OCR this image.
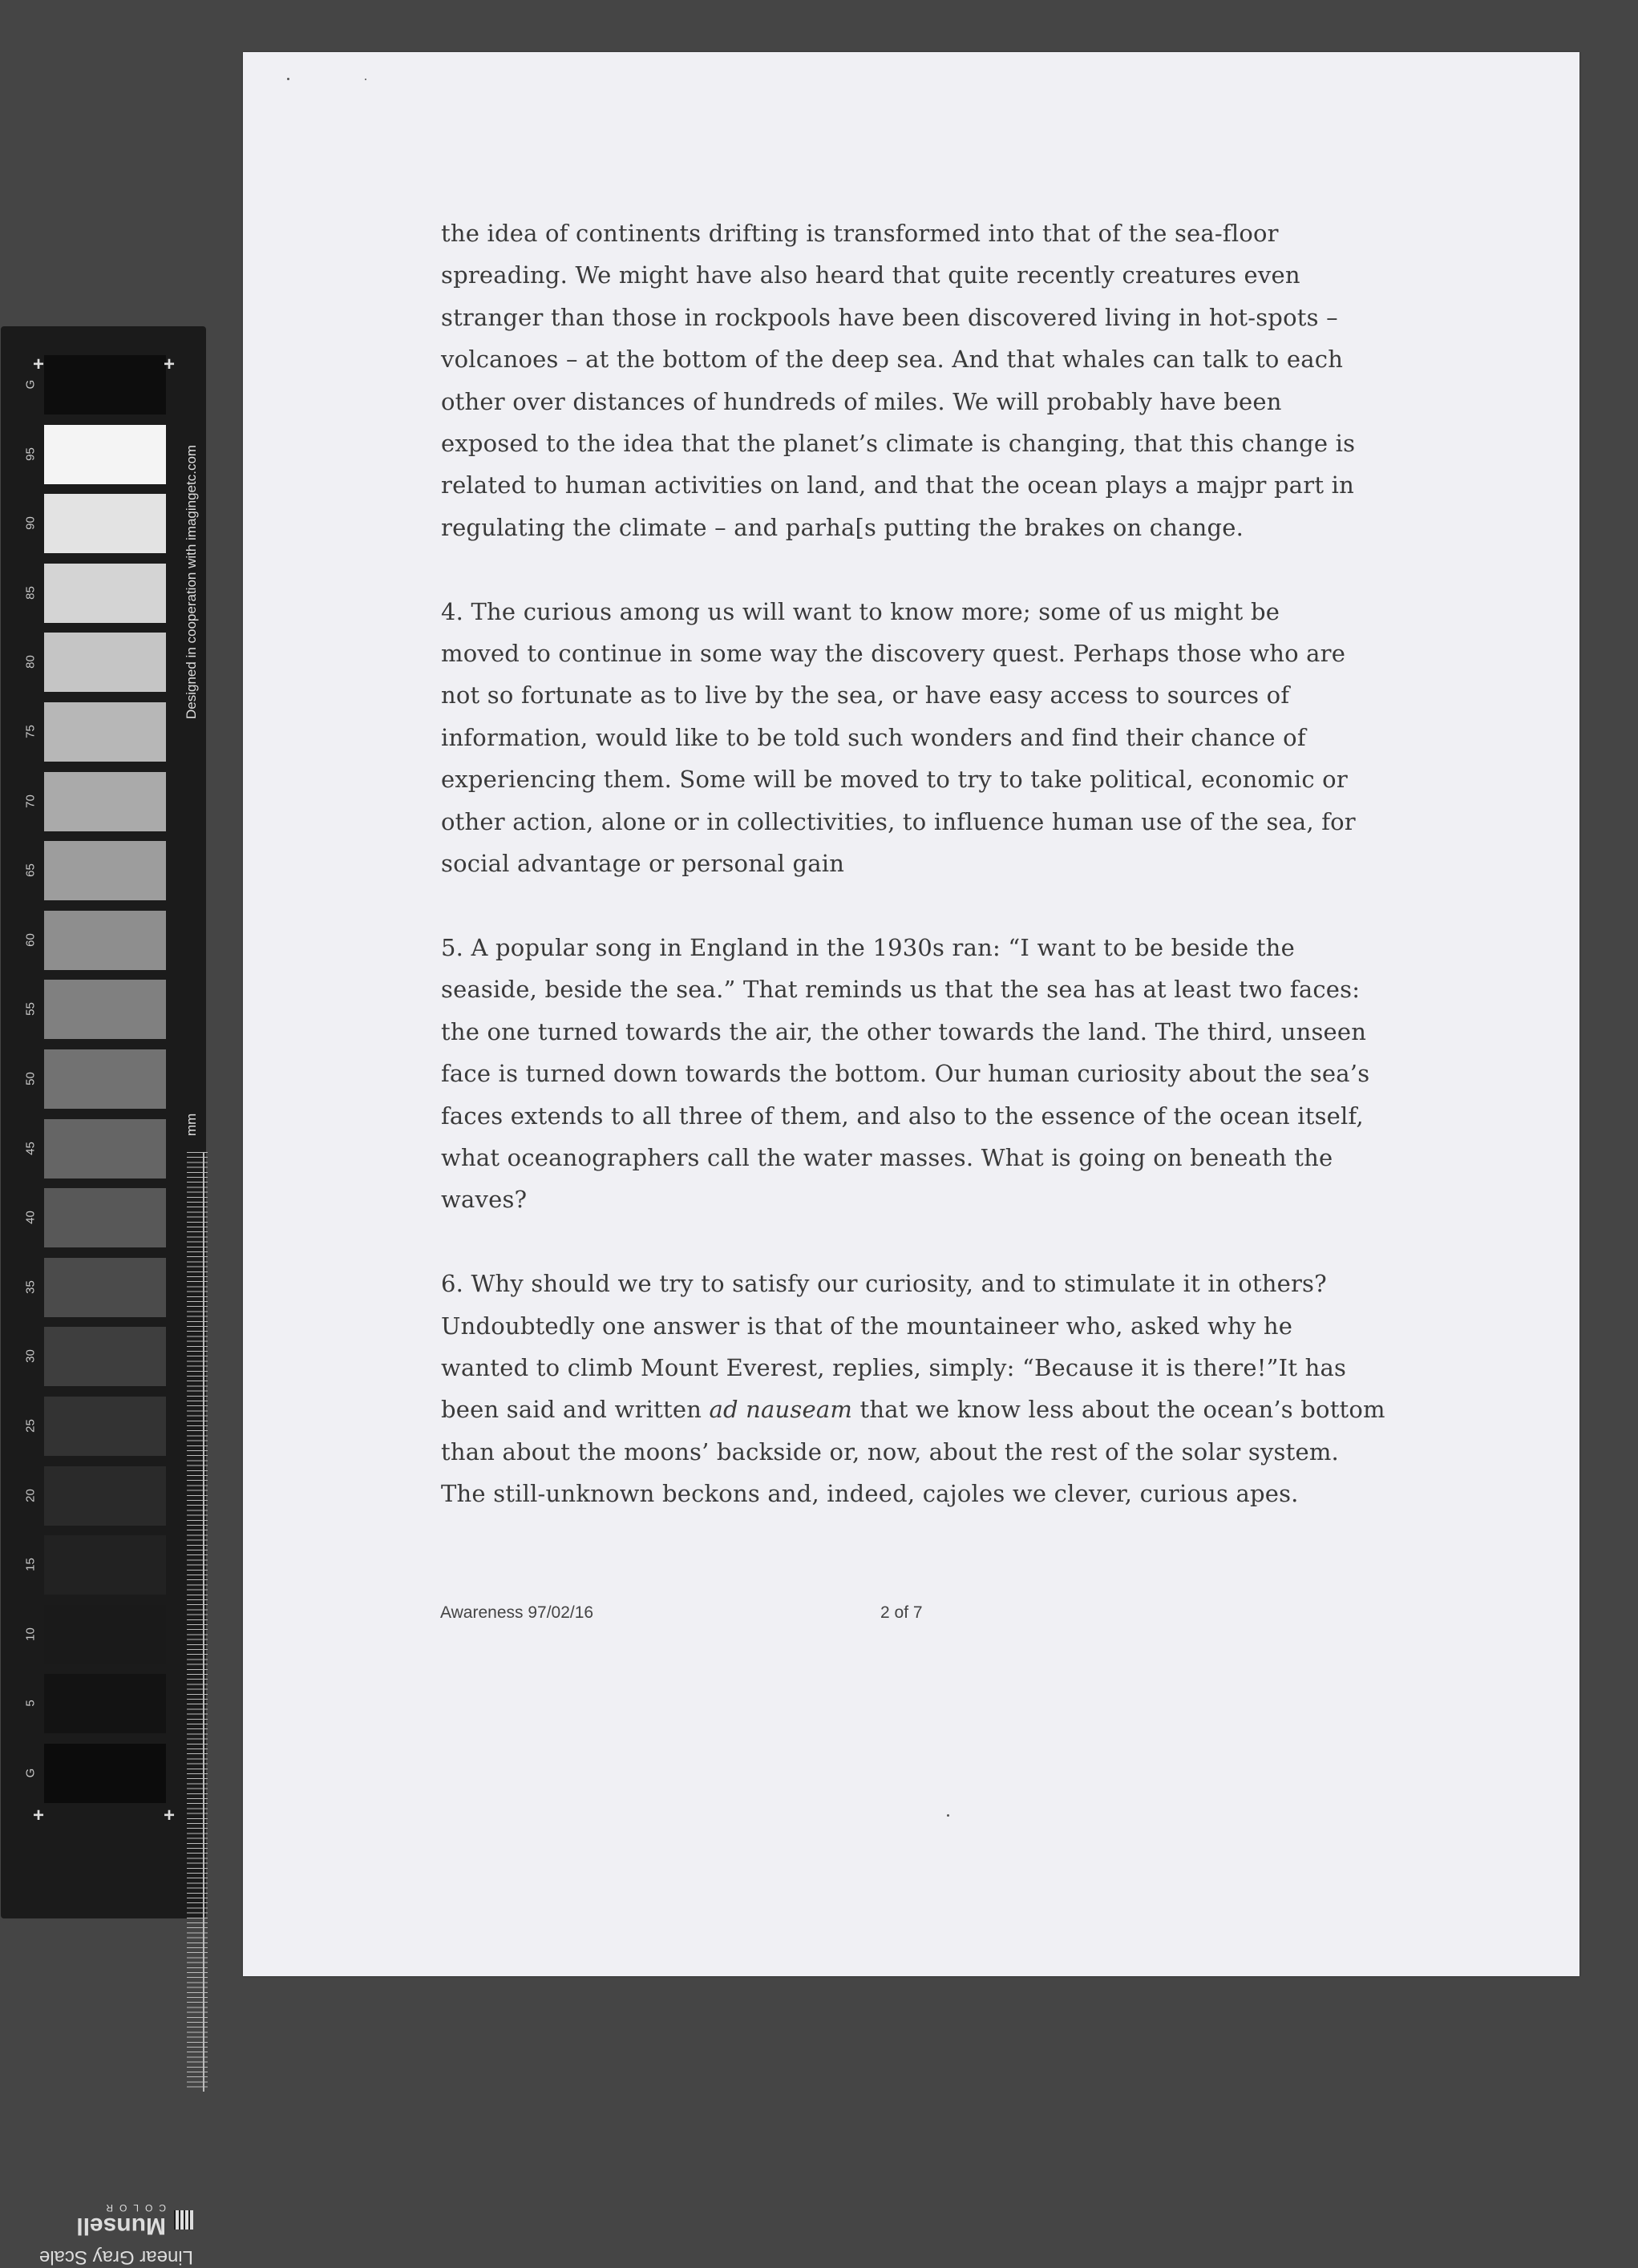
+	+
+	+
Designed in cooperation with imagingetc.com
mm
Linear Gray Scale
Munsell
COLOR
G
95
90
85
80
75
70
65
60
55
50
45
40
35
30
25
20
15
10
5
G
the idea of continents drifting is transformed into that of the sea-floor
spreading. We might have also heard that quite recently creatures even
stranger than those in rockpools have been discovered living in hot-spots –
volcanoes – at the bottom of the deep sea. And that whales can talk to each
other over distances of hundreds of miles. We will probably have been
exposed to the idea that the planet’s climate is changing, that this change is
related to human activities on land, and that the ocean plays a majpr part in
regulating the climate – and parha[s putting the brakes on change.
4. The curious among us will want to know more; some of us might be
moved to continue in some way the discovery quest. Perhaps those who are
not so fortunate as to live by the sea, or have easy access to sources of
information, would like to be told such wonders and find their chance of
experiencing them. Some will be moved to try to take political, economic or
other action, alone or in collectivities, to influence human use of the sea, for
social advantage or personal gain
5. A popular song in England in the 1930s ran: “I want to be beside the
seaside, beside the sea.” That reminds us that the sea has at least two faces:
the one turned towards the air, the other towards the land. The third, unseen
face is turned down towards the bottom. Our human curiosity about the sea’s
faces extends to all three of them, and also to the essence of the ocean itself,
what oceanographers call the water masses. What is going on beneath the
waves?
6. Why should we try to satisfy our curiosity, and to stimulate it in others?
Undoubtedly one answer is that of the mountaineer who, asked why he
wanted to climb Mount Everest, replies, simply: “Because it is there!”It has
been said and written ad nauseam that we know less about the ocean’s bottom
than about the moons’ backside or, now, about the rest of the solar system.
The still-unknown beckons and, indeed, cajoles we clever, curious apes.
Awareness 97/02/16	2 of 7
